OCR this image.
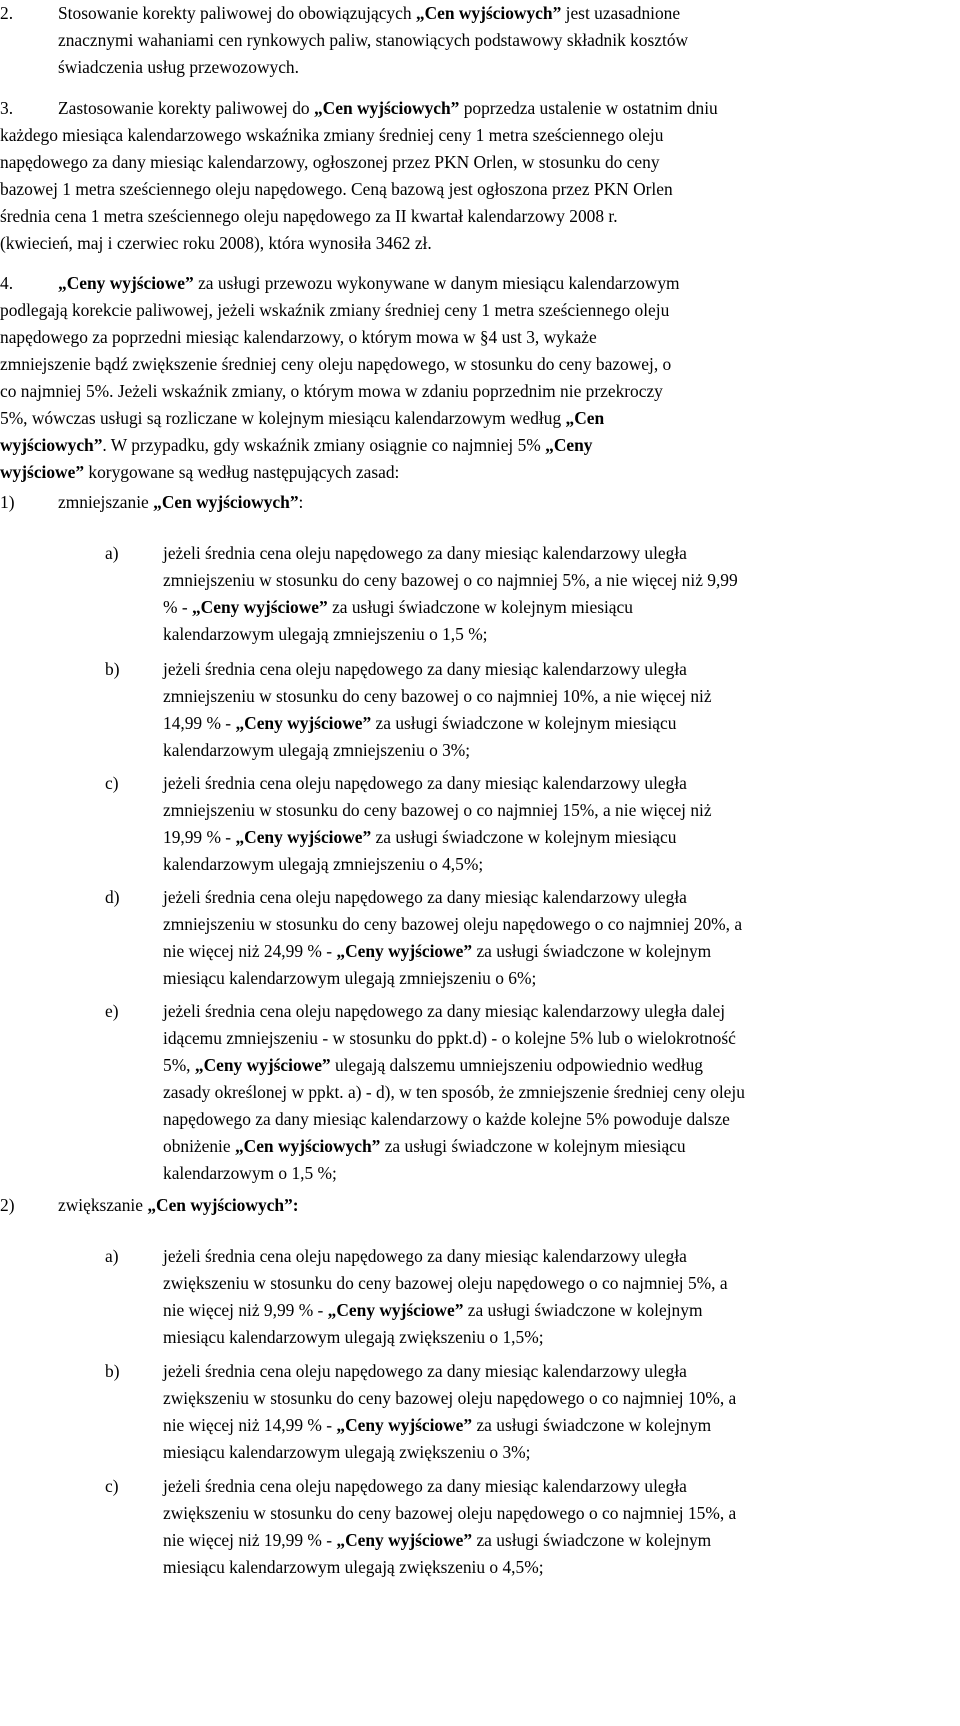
2.	Stosowanie korekty paliwowej do obowiązujących „Cen wyjściowych” jest uzasadnione
znacznymi wahaniami cen rynkowych paliw, stanowiących podstawowy składnik kosztów
świadczenia usług przewozowych.
3.	Zastosowanie korekty paliwowej do „Cen wyjściowych” poprzedza ustalenie w ostatnim dniu
każdego miesiąca kalendarzowego wskaźnika zmiany średniej ceny 1 metra sześciennego oleju
napędowego za dany miesiąc kalendarzowy, ogłoszonej przez PKN Orlen, w stosunku do ceny
bazowej 1 metra sześciennego oleju napędowego. Ceną bazową jest ogłoszona przez PKN Orlen
średnia cena 1 metra sześciennego oleju napędowego za II kwartał kalendarzowy 2008 r.
(kwiecień, maj i czerwiec roku 2008), która wynosiła 3462 zł.
4.	„Ceny wyjściowe” za usługi przewozu wykonywane w danym miesiącu kalendarzowym
podlegają korekcie paliwowej, jeżeli wskaźnik zmiany średniej ceny 1 metra sześciennego oleju
napędowego za poprzedni miesiąc kalendarzowy, o którym mowa w §4 ust 3, wykaże
zmniejszenie bądź zwiększenie średniej ceny oleju napędowego, w stosunku do ceny bazowej, o
co najmniej 5%. Jeżeli wskaźnik zmiany, o którym mowa w zdaniu poprzednim nie przekroczy
5%, wówczas usługi są rozliczane w kolejnym miesiącu kalendarzowym według „Cen
wyjściowych”. W przypadku, gdy wskaźnik zmiany osiągnie co najmniej 5% „Ceny
wyjściowe” korygowane są według następujących zasad:
1)	zmniejszanie „Cen wyjściowych”:
a)	jeżeli średnia cena oleju napędowego za dany miesiąc kalendarzowy uległa
zmniejszeniu w stosunku do ceny bazowej o co najmniej 5%, a nie więcej niż 9,99
% - „Ceny wyjściowe” za usługi świadczone w kolejnym miesiącu
kalendarzowym ulegają zmniejszeniu o 1,5 %;
b)	jeżeli średnia cena oleju napędowego za dany miesiąc kalendarzowy uległa
zmniejszeniu w stosunku do ceny bazowej o co najmniej 10%, a nie więcej niż
14,99 % - „Ceny wyjściowe” za usługi świadczone w kolejnym miesiącu
kalendarzowym ulegają zmniejszeniu o 3%;
c)	jeżeli średnia cena oleju napędowego za dany miesiąc kalendarzowy uległa
zmniejszeniu w stosunku do ceny bazowej o co najmniej 15%, a nie więcej niż
19,99 % - „Ceny wyjściowe” za usługi świadczone w kolejnym miesiącu
kalendarzowym ulegają zmniejszeniu o 4,5%;
d)	jeżeli średnia cena oleju napędowego za dany miesiąc kalendarzowy uległa
zmniejszeniu w stosunku do ceny bazowej oleju napędowego o co najmniej 20%, a
nie więcej niż 24,99 % - „Ceny wyjściowe” za usługi świadczone w kolejnym
miesiącu kalendarzowym ulegają zmniejszeniu o 6%;
e)	jeżeli średnia cena oleju napędowego za dany miesiąc kalendarzowy uległa dalej
idącemu zmniejszeniu - w stosunku do ppkt.d) - o kolejne 5% lub o wielokrotność
5%, „Ceny wyjściowe” ulegają dalszemu umniejszeniu odpowiednio według
zasady określonej w ppkt. a) - d), w ten sposób, że zmniejszenie średniej ceny oleju
napędowego za dany miesiąc kalendarzowy o każde kolejne 5% powoduje dalsze
obniżenie „Cen wyjściowych” za usługi świadczone w kolejnym miesiącu
kalendarzowym o 1,5 %;
2)	zwiększanie „Cen wyjściowych”:
a)	jeżeli średnia cena oleju napędowego za dany miesiąc kalendarzowy uległa
zwiększeniu w stosunku do ceny bazowej oleju napędowego o co najmniej 5%, a
nie więcej niż 9,99 % - „Ceny wyjściowe” za usługi świadczone w kolejnym
miesiącu kalendarzowym ulegają zwiększeniu o 1,5%;
b)	jeżeli średnia cena oleju napędowego za dany miesiąc kalendarzowy uległa
zwiększeniu w stosunku do ceny bazowej oleju napędowego o co najmniej 10%, a
nie więcej niż 14,99 % - „Ceny wyjściowe” za usługi świadczone w kolejnym
miesiącu kalendarzowym ulegają zwiększeniu o 3%;
c)	jeżeli średnia cena oleju napędowego za dany miesiąc kalendarzowy uległa
zwiększeniu w stosunku do ceny bazowej oleju napędowego o co najmniej 15%, a
nie więcej niż 19,99 % - „Ceny wyjściowe” za usługi świadczone w kolejnym
miesiącu kalendarzowym ulegają zwiększeniu o 4,5%;
